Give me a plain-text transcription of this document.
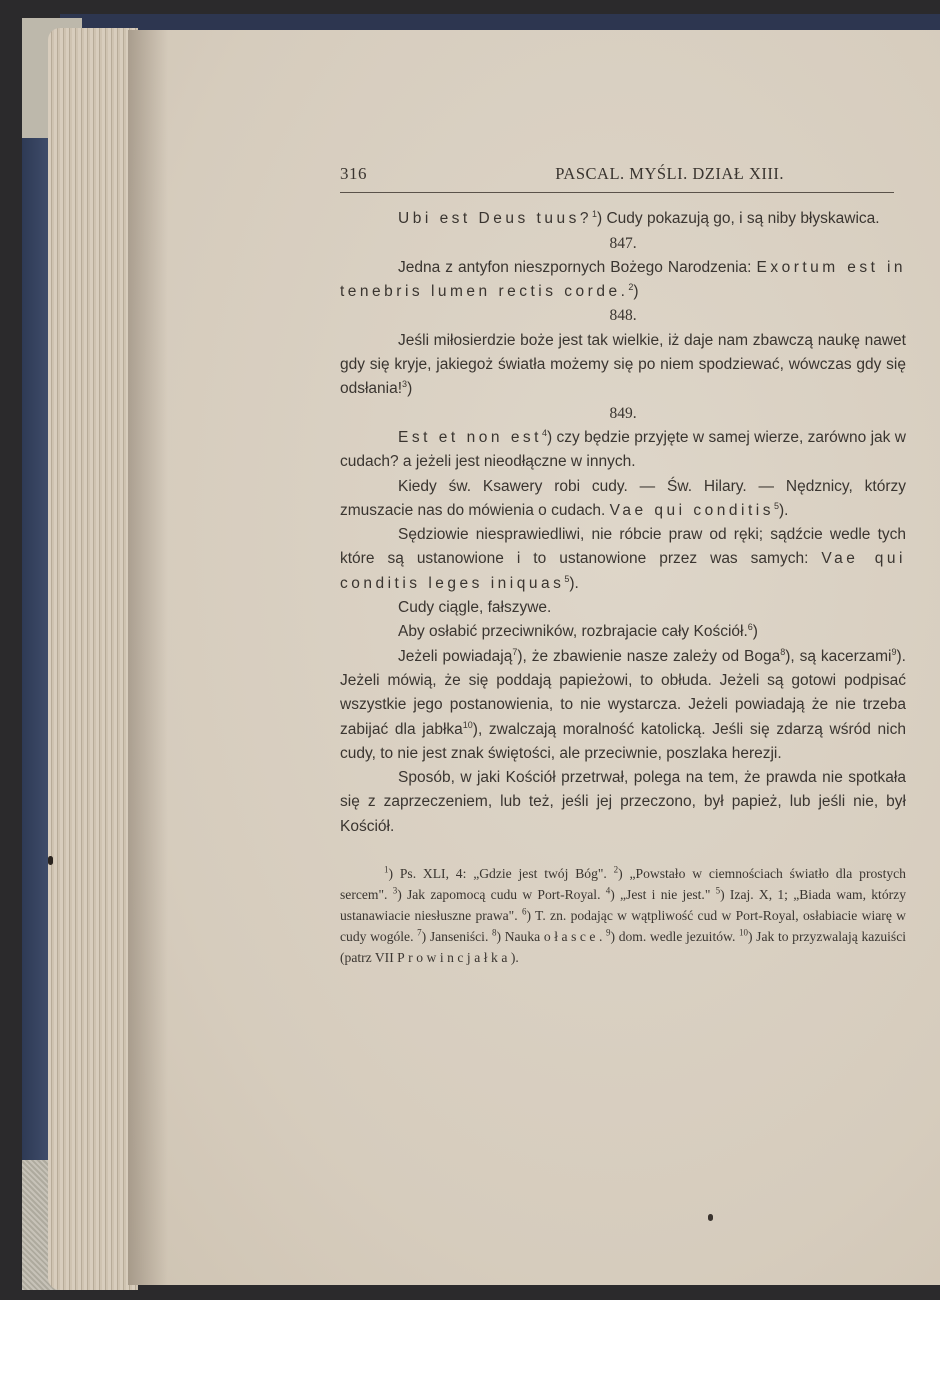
316	PASCAL. MYŚLI. DZIAŁ XIII.

Ubi est Deus tuus?$^1$) Cudy pokazują go, i są niby błyskawica.

847.

Jedna z antyfon nieszpornych Bożego Narodzenia: Exortum est in tenebris lumen rectis corde.$^2$)

848.

Jeśli miłosierdzie boże jest tak wielkie, iż daje nam zbawczą naukę nawet gdy się kryje, jakiegoż światła możemy się po niem spodziewać, wówczas gdy się odsłania!$^3$)

849.

Est et non est$^4$) czy będzie przyjęte w samej wierze, zarówno jak w cudach? a jeżeli jest nieodłączne w innych.

Kiedy św. Ksawery robi cudy. — Św. Hilary. — Nędznicy, którzy zmuszacie nas do mówienia o cudach. Vae qui conditis$^5$).

Sędziowie niesprawiedliwi, nie róbcie praw od ręki; sądźcie wedle tych które są ustanowione i to ustanowione przez was samych: Vae qui conditis leges iniquas$^5$).

Cudy ciągle, fałszywe.

Aby osłabić przeciwników, rozbrajacie cały Kościół.$^6$)

Jeżeli powiadają$^7$), że zbawienie nasze zależy od Boga$^8$), są kacerzami$^9$). Jeżeli mówią, że się poddają papieżowi, to obłuda. Jeżeli są gotowi podpisać wszystkie jego postanowienia, to nie wystarcza. Jeżeli powiadają że nie trzeba zabijać dla jabłka$^{10}$), zwalczają moralność katolicką. Jeśli się zdarzą wśród nich cudy, to nie jest znak świętości, ale przeciwnie, poszlaka herezji.

Sposób, w jaki Kościół przetrwał, polega na tem, że prawda nie spotkała się z zaprzeczeniem, lub też, jeśli jej przeczono, był papież, lub jeśli nie, był Kościół.

$^1$) Ps. XLI, 4: „Gdzie jest twój Bóg". $^2$) „Powstało w ciemnościach światło dla prostych sercem". $^3$) Jak zapomocą cudu w Port-Royal. $^4$) „Jest i nie jest." $^5$) Izaj. X, 1; „Biada wam, którzy ustanawiacie niesłuszne prawa". $^6$) T. zn. podając w wątpliwość cud w Port-Royal, osłabiacie wiarę w cudy wogóle. $^7$) Janseniści. $^8$) Nauka o łasce. $^9$) dom. wedle jezuitów. $^{10}$) Jak to przyzwalają kazuiści (patrz VII Prowincjałka).
